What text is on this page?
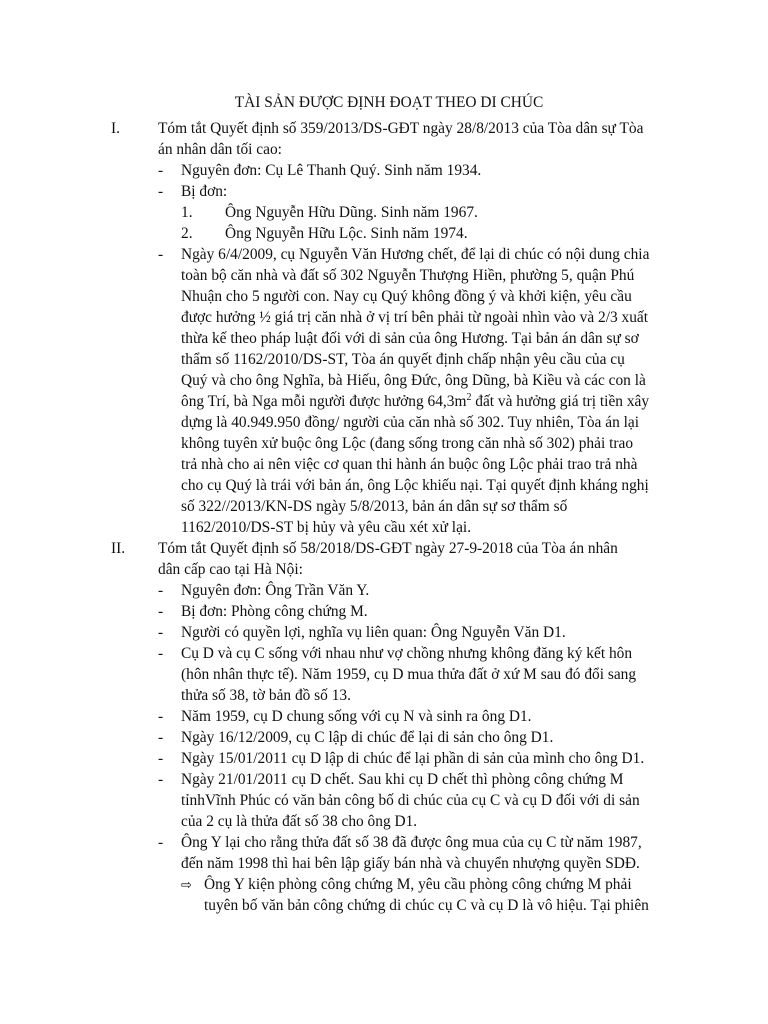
TÀI SẢN ĐƯỢC ĐỊNH ĐOẠT THEO DI CHÚC
I. Tóm tắt Quyết định số 359/2013/DS-GĐT ngày 28/8/2013 của Tòa dân sự Tòa
án nhân dân tối cao:
-	Nguyên đơn: Cụ Lê Thanh Quý. Sinh năm 1934.
-	Bị đơn:
1.	Ông Nguyễn Hữu Dũng. Sinh năm 1967.
2.	Ông Nguyễn Hữu Lộc. Sinh năm 1974.
- Ngày 6/4/2009, cụ Nguyễn Văn Hương chết, để lại di chúc có nội dung chia
toàn bộ căn nhà và đất số 302 Nguyễn Thượng Hiền, phường 5, quận Phú
Nhuận cho 5 người con. Nay cụ Quý không đồng ý và khởi kiện, yêu cầu
được hưởng ½ giá trị căn nhà ở vị trí bên phải từ ngoài nhìn vào và 2/3 xuất
thừa kế theo pháp luật đối với di sản của ông Hương. Tại bản án dân sự sơ
thẩm số 1162/2010/DS-ST, Tòa án quyết định chấp nhận yêu cầu của cụ
Quý và cho ông Nghĩa, bà Hiếu, ông Đức, ông Dũng, bà Kiều và các con là
ông Trí, bà Nga mỗi người được hưởng $64,3m^2$ đất và hưởng giá trị tiền xây
dựng là 40.949.950 đồng/ người của căn nhà số 302. Tuy nhiên, Tòa án lại
không tuyên xử buộc ông Lộc (đang sống trong căn nhà số 302) phải trao
trả nhà cho ai nên việc cơ quan thi hành án buộc ông Lộc phải trao trả nhà
cho cụ Quý là trái với bản án, ông Lộc khiếu nại. Tại quyết định kháng nghị
số 322//2013/KN-DS ngày 5/8/2013, bản án dân sự sơ thẩm số
1162/2010/DS-ST bị hủy và yêu cầu xét xử lại.
II. Tóm tắt Quyết định số 58/2018/DS-GĐT ngày 27-9-2018 của Tòa án nhân
dân cấp cao tại Hà Nội:
- Nguyên đơn: Ông Trần Văn Y.
- Bị đơn: Phòng công chứng M.
- Người có quyền lợi, nghĩa vụ liên quan: Ông Nguyễn Văn D1.
- Cụ D và cụ C sống với nhau như vợ chồng nhưng không đăng ký kết hôn
(hôn nhân thực tế). Năm 1959, cụ D mua thửa đất ở xứ M sau đó đổi sang
thửa số 38, tờ bản đồ số 13.
- Năm 1959, cụ D chung sống với cụ N và sinh ra ông D1.
- Ngày 16/12/2009, cụ C lập di chúc để lại di sản cho ông D1.
- Ngày 15/01/2011 cụ D lập di chúc để lại phần di sản của mình cho ông D1.
- Ngày 21/01/2011 cụ D chết. Sau khi cụ D chết thì phòng công chứng M
tỉnhVĩnh Phúc có văn bản công bố di chúc của cụ C và cụ D đối với di sản
của 2 cụ là thửa đất số 38 cho ông D1.
- Ông Y lại cho rằng thửa đất số 38 đã được ông mua của cụ C từ năm 1987,
đến năm 1998 thì hai bên lập giấy bán nhà và chuyển nhượng quyền SDĐ.
⇨ Ông Y kiện phòng công chứng M, yêu cầu phòng công chứng M phải
tuyên bố văn bản công chứng di chúc cụ C và cụ D là vô hiệu. Tại phiên
